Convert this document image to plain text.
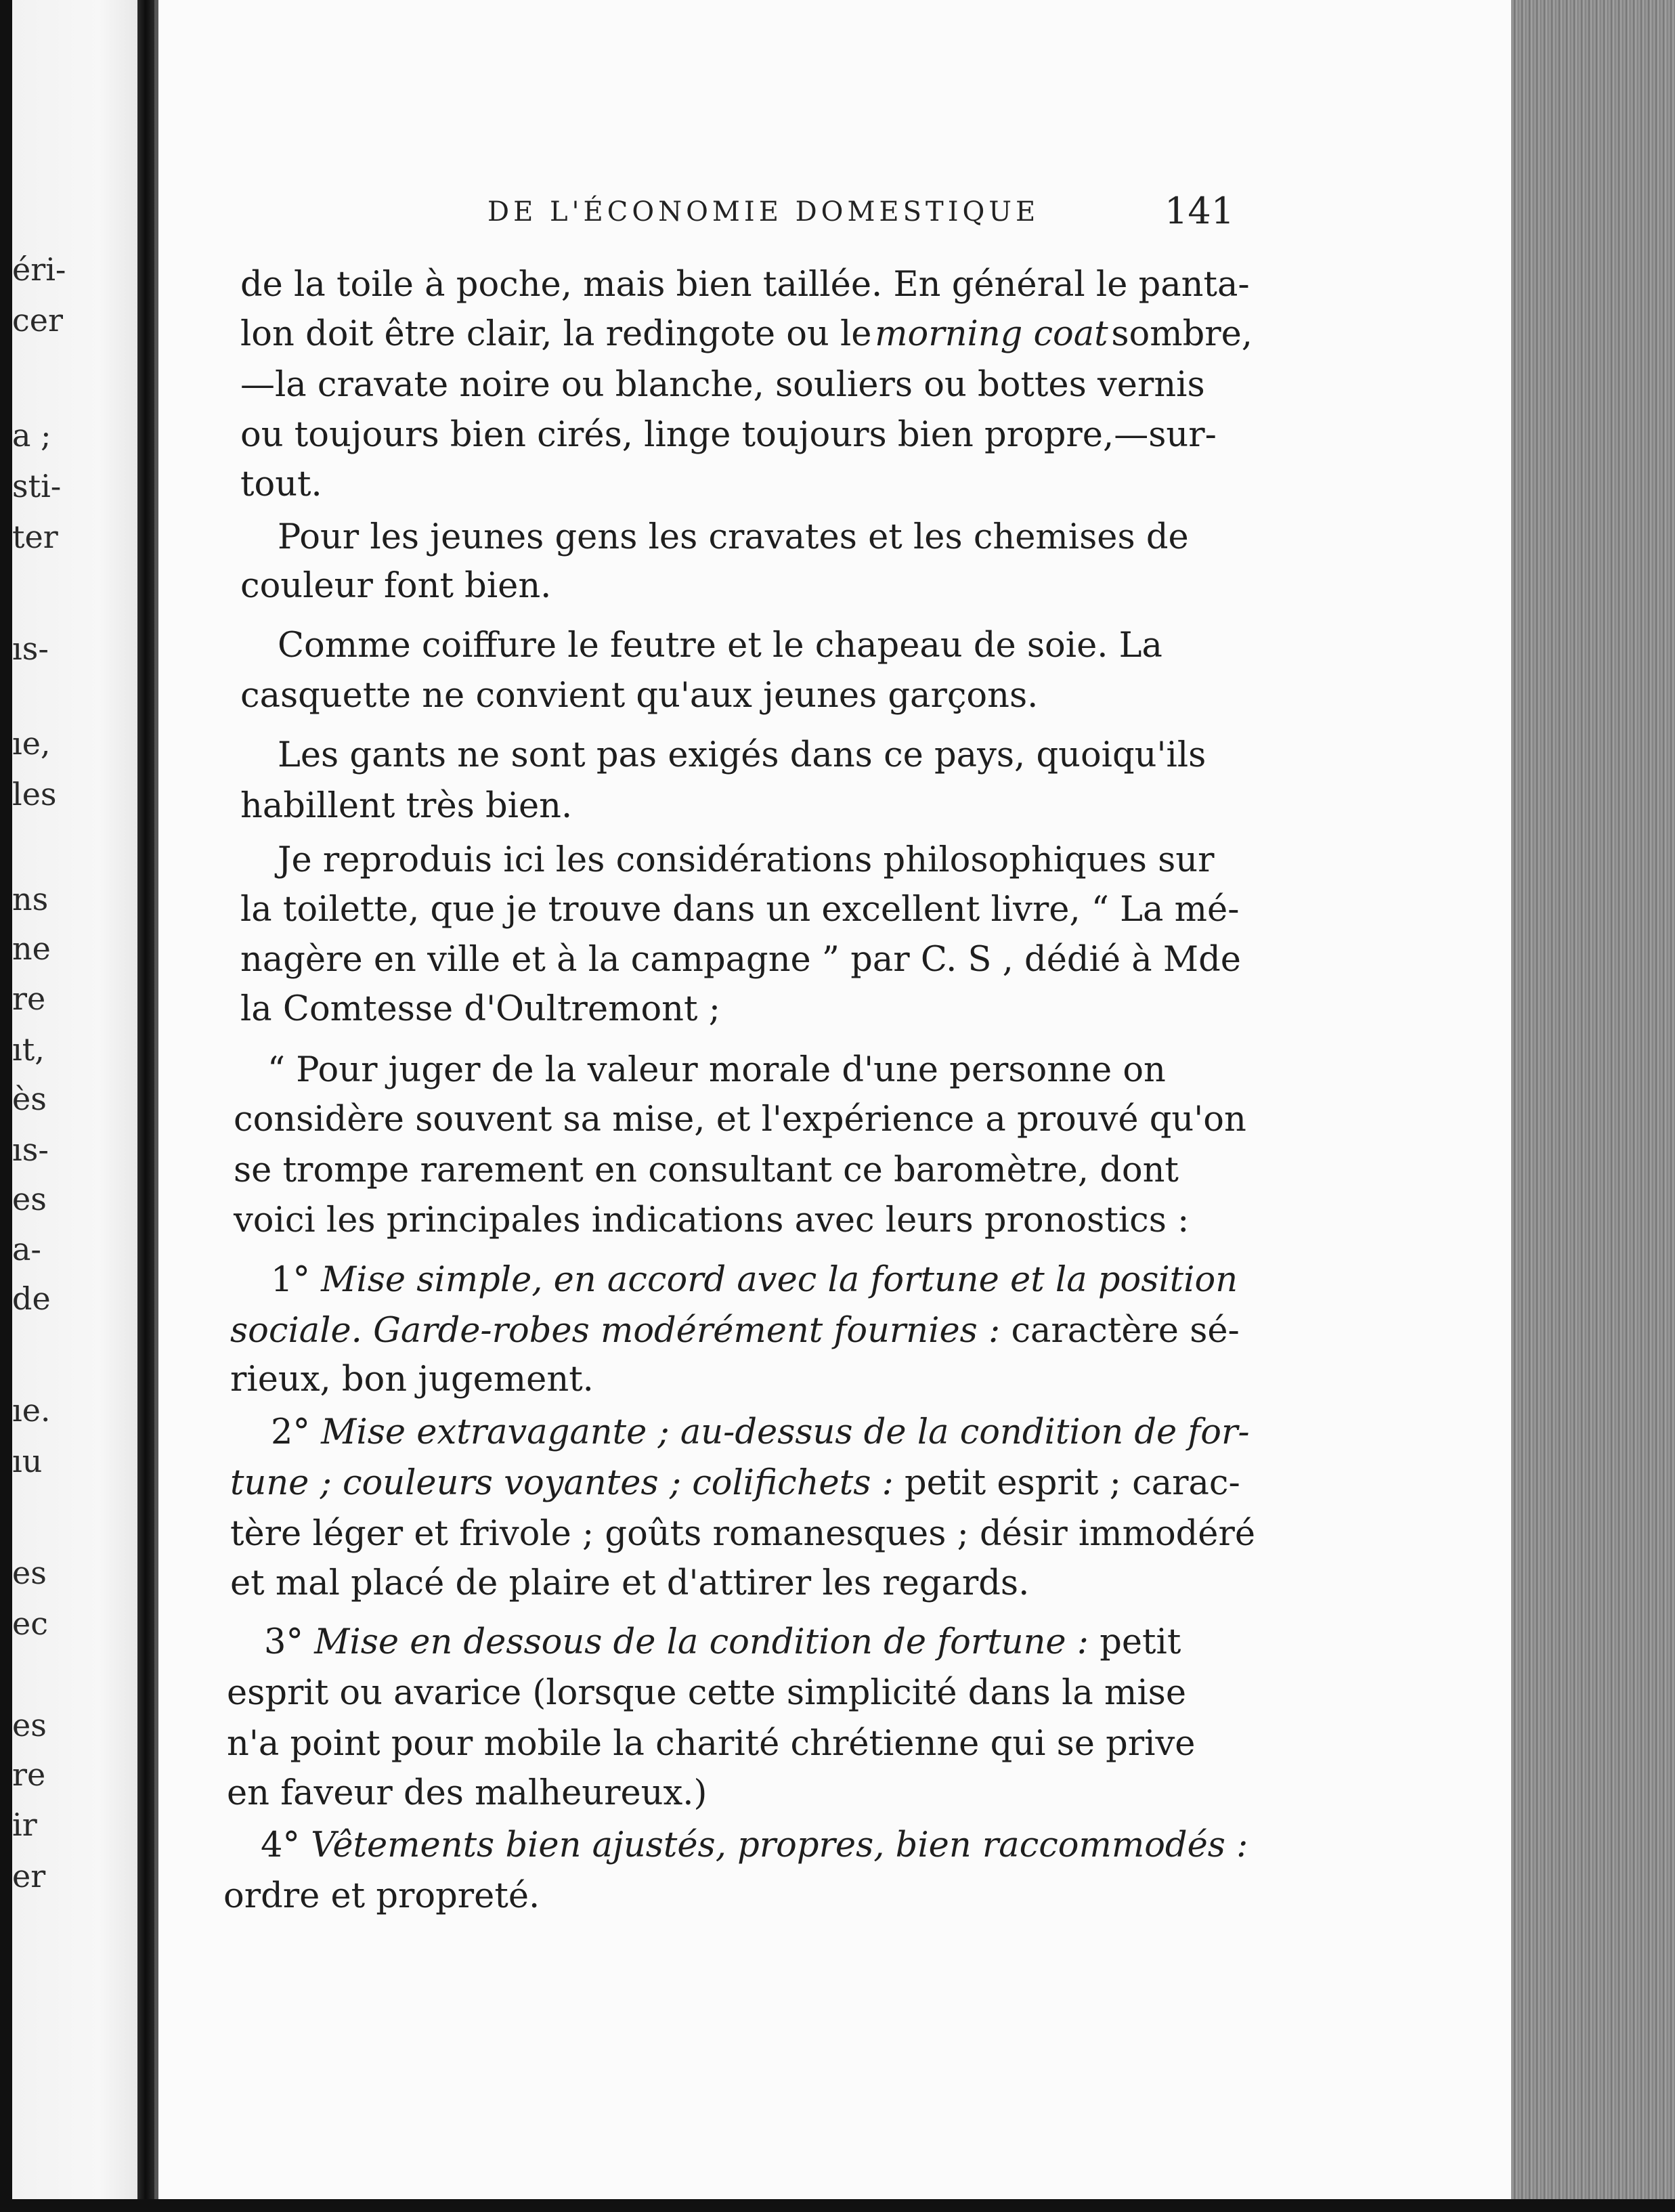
éri-
cer
a ;
sti-
ter
ıs-
ıe,
les
ns
ne
re
ıt,
ès
ıs-
es
a-
de
ıe.
ıu
es
ec
es
re
ir
er
DE L'ÉCONOMIE DOMESTIQUE	141
de la toile à poche, mais bien taillée. En général le panta-
lon doit être clair, la redingote ou le morning coat sombre,
—la cravate noire ou blanche, souliers ou bottes vernis
ou toujours bien cirés, linge toujours bien propre,—sur-
tout.
Pour les jeunes gens les cravates et les chemises de
couleur font bien.
Comme coiffure le feutre et le chapeau de soie. La
casquette ne convient qu'aux jeunes garçons.
Les gants ne sont pas exigés dans ce pays, quoiqu'ils
habillent très bien.
Je reproduis ici les considérations philosophiques sur
la toilette, que je trouve dans un excellent livre, “ La mé-
nagère en ville et à la campagne ” par C. S , dédié à Mde
la Comtesse d'Oultremont ;
“ Pour juger de la valeur morale d'une personne on
considère souvent sa mise, et l'expérience a prouvé qu'on
se trompe rarement en consultant ce baromètre, dont
voici les principales indications avec leurs pronostics :
1° Mise simple, en accord avec la fortune et la position
sociale. Garde-robes modérément fournies : caractère sé-
rieux, bon jugement.
2° Mise extravagante ; au-dessus de la condition de for-
tune ; couleurs voyantes ; colifichets : petit esprit ; carac-
tère léger et frivole ; goûts romanesques ; désir immodéré
et mal placé de plaire et d'attirer les regards.
3° Mise en dessous de la condition de fortune : petit
esprit ou avarice (lorsque cette simplicité dans la mise
n'a point pour mobile la charité chrétienne qui se prive
en faveur des malheureux.)
4° Vêtements bien ajustés, propres, bien raccommodés :
ordre et propreté.
